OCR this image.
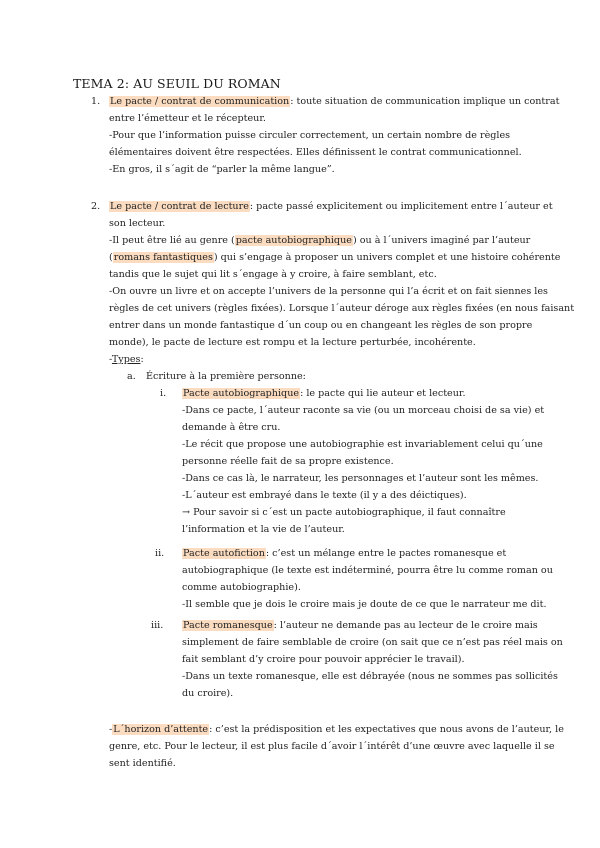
TEMA 2: AU SEUIL DU ROMAN
1. Le pacte / contrat de communication: toute situation de communication implique un contrat
entre l’émetteur et le récepteur.
-Pour que l’information puisse circuler correctement, un certain nombre de règles
élémentaires doivent être respectées. Elles définissent le contrat communicationnel.
-En gros, il s´agit de “parler la même langue”.
2. Le pacte / contrat de lecture: pacte passé explicitement ou implicitement entre l´auteur et
son lecteur.
-Il peut être lié au genre (pacte autobiographique) ou à l´univers imaginé par l’auteur
(romans fantastiques) qui s’engage à proposer un univers complet et une histoire cohérente
tandis que le sujet qui lit s´engage à y croire, à faire semblant, etc.
-On ouvre un livre et on accepte l’univers de la personne qui l’a écrit et on fait siennes les
règles de cet univers (règles fixées). Lorsque l´auteur déroge aux règles fixées (en nous faisant
entrer dans un monde fantastique d´un coup ou en changeant les règles de son propre
monde), le pacte de lecture est rompu et la lecture perturbée, incohérente.
-Types:
a. Écriture à la première personne:
i. Pacte autobiographique: le pacte qui lie auteur et lecteur.
-Dans ce pacte, l´auteur raconte sa vie (ou un morceau choisi de sa vie) et
demande à être cru.
-Le récit que propose une autobiographie est invariablement celui qu´une
personne réelle fait de sa propre existence.
-Dans ce cas là, le narrateur, les personnages et l’auteur sont les mêmes.
-L´auteur est embrayé dans le texte (il y a des déictiques).
→ Pour savoir si c´est un pacte autobiographique, il faut connaître
l’information et la vie de l’auteur.
ii. Pacte autofiction: c’est un mélange entre le pactes romanesque et
autobiographique (le texte est indéterminé, pourra être lu comme roman ou
comme autobiographie).
-Il semble que je dois le croire mais je doute de ce que le narrateur me dit.
iii. Pacte romanesque: l’auteur ne demande pas au lecteur de le croire mais
simplement de faire semblable de croire (on sait que ce n’est pas réel mais on
fait semblant d’y croire pour pouvoir apprécier le travail).
-Dans un texte romanesque, elle est débrayée (nous ne sommes pas sollicités
du croire).
-L´horizon d’attente: c’est la prédisposition et les expectatives que nous avons de l’auteur, le
genre, etc. Pour le lecteur, il est plus facile d´avoir l´intérêt d’une œuvre avec laquelle il se
sent identifié.
